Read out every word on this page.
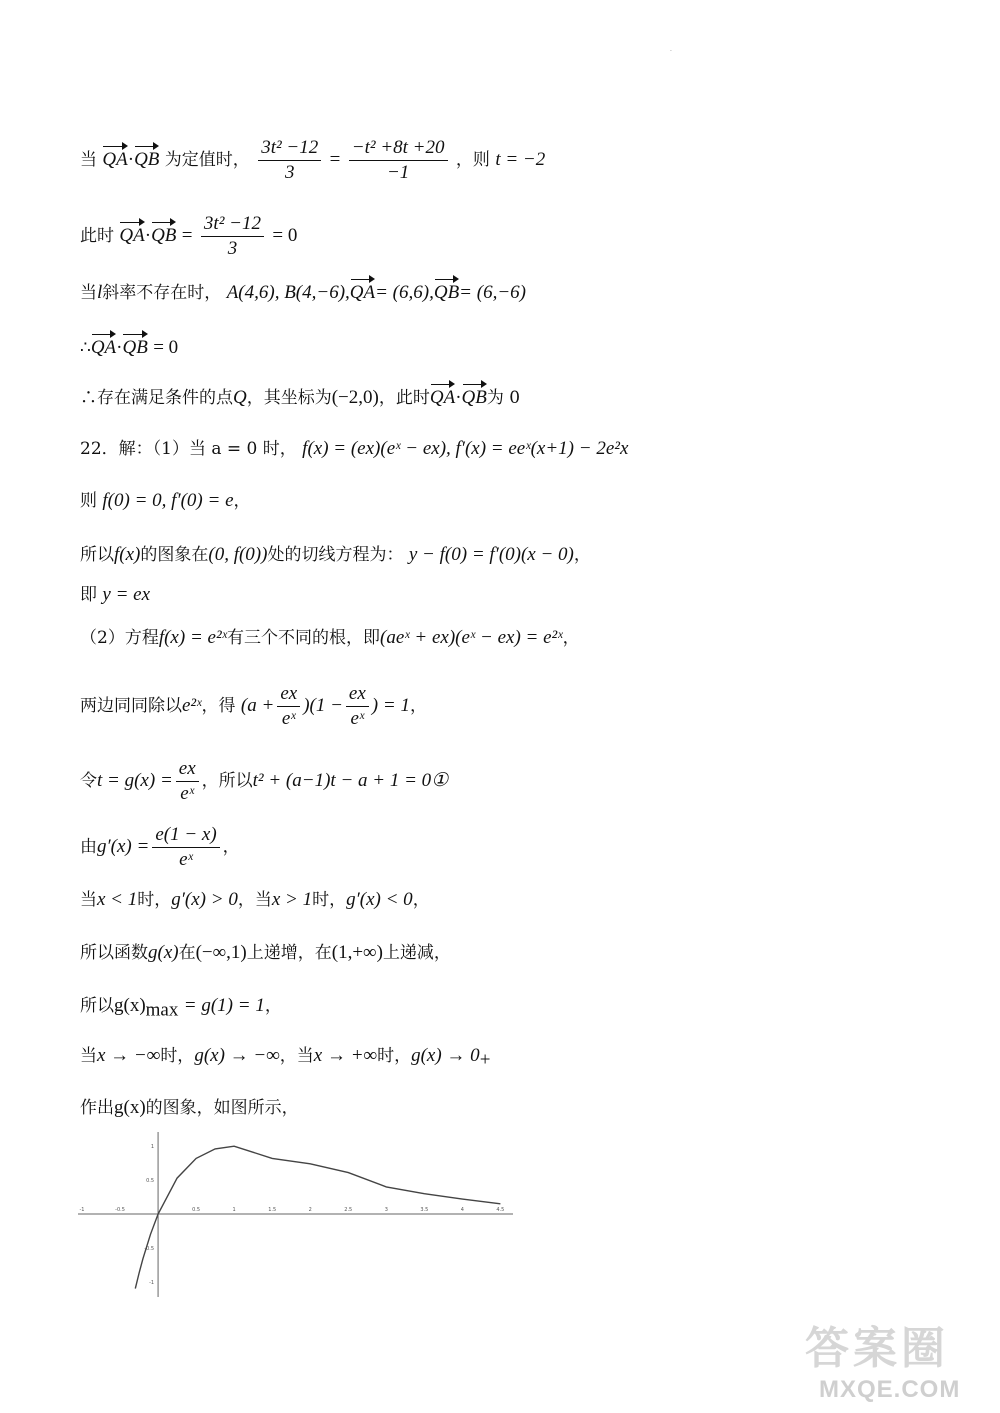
·
当 QA·QB 为定值时， $\frac{\text{3t² −12}}{3} = \frac{\text{−t² +8t +20}}{-1}$ ，则 t = −2
此时 $QA\cdot QB = \frac{\text{3t² −12}}{3} = 0$
当l斜率不存在时， A(4,6), B(4,−6),QA= (6,6),QB= (6,−6)
∴QA·QB = 0
∴存在满足条件的点Q，其坐标为(−2,0)，此时QA·QB为 0
22．解：（1）当 a = 0 时， f(x) = (ex)(eˣ − ex), f′(x) = eeˣ(x+1) − 2e²x
则 f(0) = 0, f′(0) = e，
所以f(x)的图象在(0, f(0))处的切线方程为： y − f(0) = f′(0)(x − 0)，
即 y = ex
（2）方程f(x) = e²ˣ有三个不同的根，即(aeˣ + ex)(eˣ − ex) = e²ˣ，
两边同同除以e²ˣ，得 $(a + \frac{ex}{\text{eˣ}} )(1 - \frac{ex}{\text{eˣ}}$ ) = 1，
令$t = g(x) = \frac{ex}{\text{eˣ}}$ ，所以t² + (a−1)t − a + 1 = 0①
由$g'(x) = \frac{e(1 - x)}{\text{eˣ}}$ ，
当x < 1时，g′(x) > 0，当x > 1时，g′(x) < 0，
所以函数g(x)在(−∞,1)上递增，在(1,+∞)上递减，
所以$g(x)_{max} = g(1) = 1$，
当x → −∞时，g(x) → −∞，当x → +∞时，$g(x) \to 0_+$
作出g(x)的图象，如图所示，
-1	-0.5	0.5	1	1.5	2	2.5	3	3.5	4	4.5
1
0.5
-0.5
-1
答案圈
MXQE.COM
